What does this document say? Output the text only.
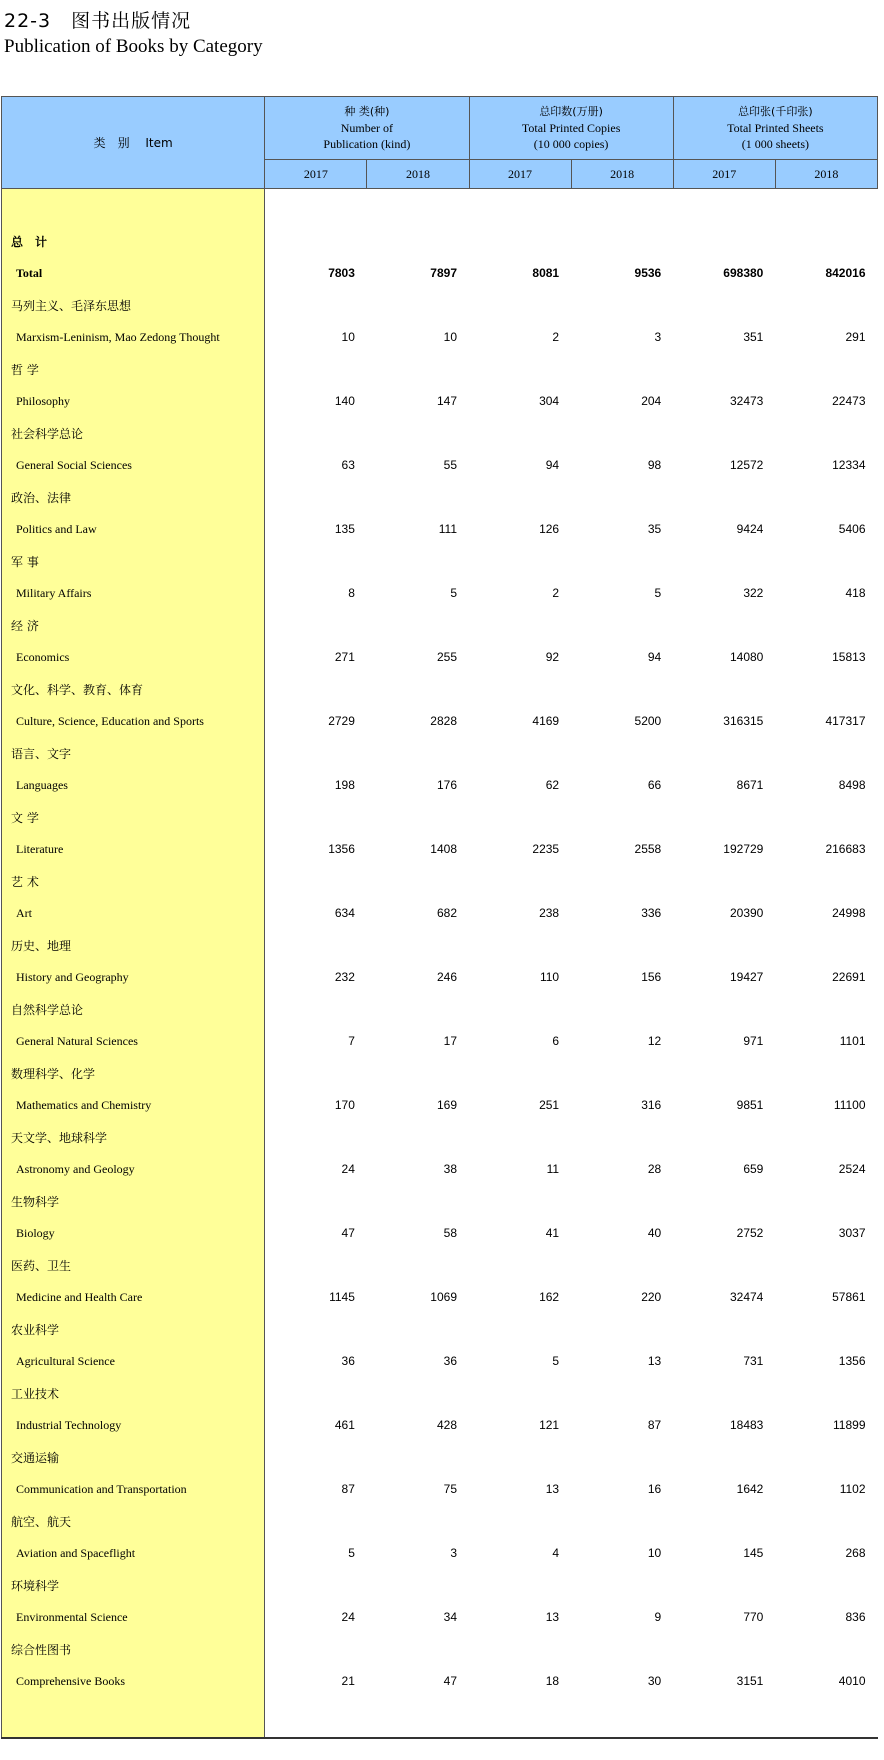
22-3　图书出版情况
Publication of Books by Category
类　别　 Item	种 类(种)
Number of
Publication (kind)		总印数(万册)
Total Printed Copies
(10 000 copies)		总印张(千印张)
Total Printed Sheets
(1 000 sheets)	
	2017	2018	2017	2018	2017	2018

总　计						
Total	7803	7897	8081	9536	698380	842016
马列主义、毛泽东思想						
Marxism-Leninism, Mao Zedong Thought	10	10	2	3	351	291
哲 学						
Philosophy	140	147	304	204	32473	22473
社会科学总论						
General Social Sciences	63	55	94	98	12572	12334
政治、法律						
Politics and Law	135	111	126	35	9424	5406
军 事						
Military Affairs	8	5	2	5	322	418
经 济						
Economics	271	255	92	94	14080	15813
文化、科学、教育、体育						
Culture, Science, Education and Sports	2729	2828	4169	5200	316315	417317
语言、文字						
Languages	198	176	62	66	8671	8498
文 学						
Literature	1356	1408	2235	2558	192729	216683
艺 术						
Art	634	682	238	336	20390	24998
历史、地理						
History and Geography	232	246	110	156	19427	22691
自然科学总论						
General Natural Sciences	7	17	6	12	971	1101
数理科学、化学						
Mathematics and Chemistry	170	169	251	316	9851	11100
天文学、地球科学						
Astronomy and Geology	24	38	11	28	659	2524
生物科学						
Biology	47	58	41	40	2752	3037
医药、卫生						
Medicine and Health Care	1145	1069	162	220	32474	57861
农业科学						
Agricultural Science	36	36	5	13	731	1356
工业技术						
Industrial Technology	461	428	121	87	18483	11899
交通运输						
Communication and Transportation	87	75	13	16	1642	1102
航空、航天						
Aviation and Spaceflight	5	3	4	10	145	268
环境科学						
Environmental Science	24	34	13	9	770	836
综合性图书						
Comprehensive Books	21	47	18	30	3151	4010
